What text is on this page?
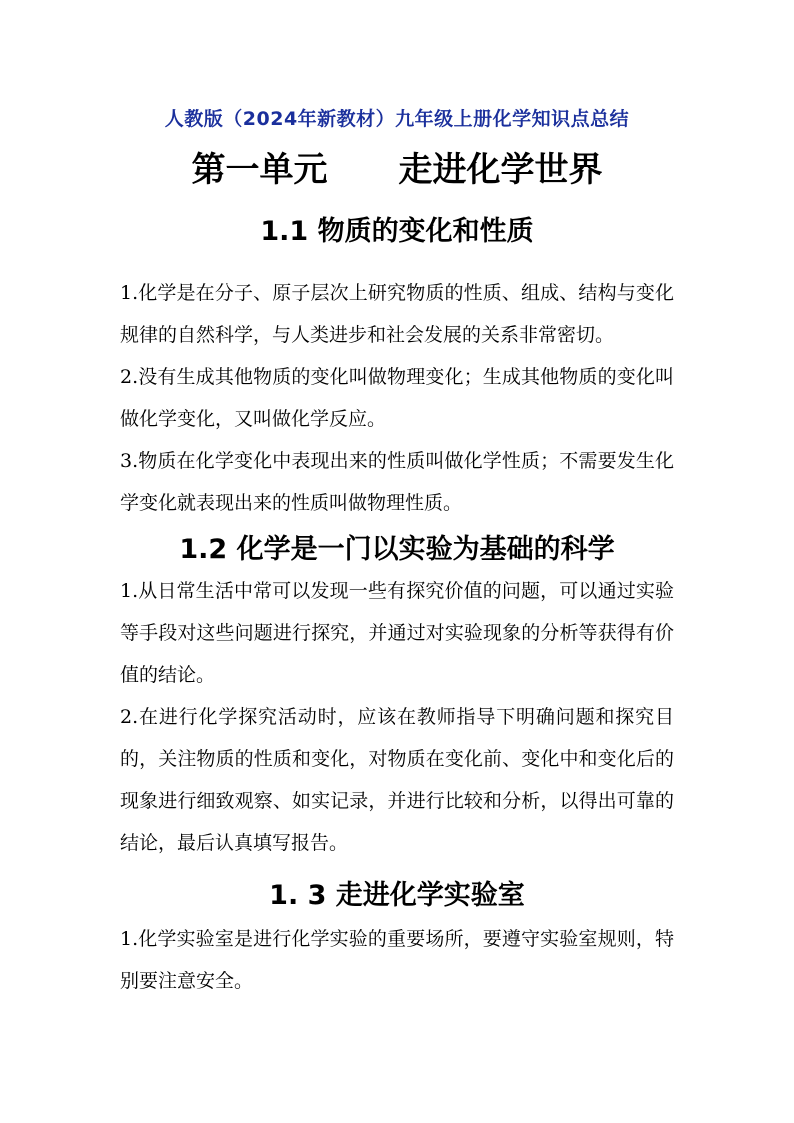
人教版（2024年新教材）九年级上册化学知识点总结
第一单元      走进化学世界
1.1 物质的变化和性质

1.化学是在分子、原子层次上研究物质的性质、组成、结构与变化规律的自然科学，与人类进步和社会发展的关系非常密切。

2.没有生成其他物质的变化叫做物理变化；生成其他物质的变化叫做化学变化，又叫做化学反应。

3.物质在化学变化中表现出来的性质叫做化学性质；不需要发生化学变化就表现出来的性质叫做物理性质。

1.2 化学是一门以实验为基础的科学

1.从日常生活中常可以发现一些有探究价值的问题，可以通过实验等手段对这些问题进行探究，并通过对实验现象的分析等获得有价值的结论。

2.在进行化学探究活动时，应该在教师指导下明确问题和探究目的，关注物质的性质和变化，对物质在变化前、变化中和变化后的现象进行细致观察、如实记录，并进行比较和分析，以得出可靠的结论，最后认真填写报告。

1. 3 走进化学实验室

1.化学实验室是进行化学实验的重要场所，要遵守实验室规则，特别要注意安全。
